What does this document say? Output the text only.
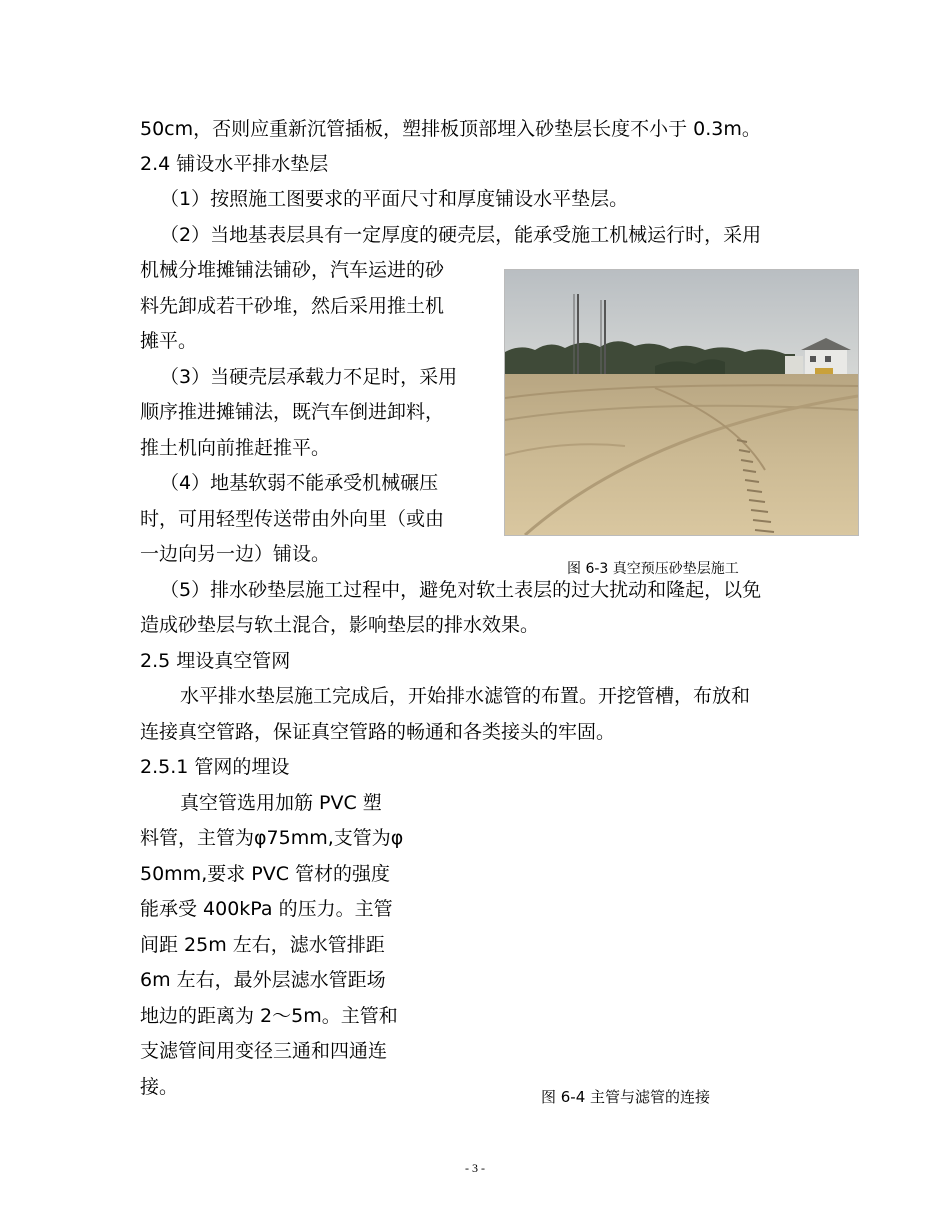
50cm，否则应重新沉管插板，塑排板顶部埋入砂垫层长度不小于 0.3m。
2.4 铺设水平排水垫层
（1）按照施工图要求的平面尺寸和厚度铺设水平垫层。
（2）当地基表层具有一定厚度的硬壳层，能承受施工机械运行时，采用
机械分堆摊铺法铺砂，汽车运进的砂
料先卸成若干砂堆，然后采用推土机
摊平。
（3）当硬壳层承载力不足时，采用
顺序推进摊铺法，既汽车倒进卸料，
推土机向前推赶推平。
（4）地基软弱不能承受机械碾压
时，可用轻型传送带由外向里（或由
一边向另一边）铺设。
（5）排水砂垫层施工过程中，避免对软土表层的过大扰动和隆起，以免
造成砂垫层与软土混合，影响垫层的排水效果。
2.5 埋设真空管网
水平排水垫层施工完成后，开始排水滤管的布置。开挖管槽，布放和
连接真空管路，保证真空管路的畅通和各类接头的牢固。
2.5.1 管网的埋设
真空管选用加筋 PVC 塑
料管，主管为φ75mm,支管为φ
50mm,要求 PVC 管材的强度
能承受 400kPa 的压力。主管
间距 25m 左右，滤水管排距
6m 左右，最外层滤水管距场
地边的距离为 2～5m。主管和
支滤管间用变径三通和四通连
接。
图 6-3 真空预压砂垫层施工
图 6-4 主管与滤管的连接
- 3 -
